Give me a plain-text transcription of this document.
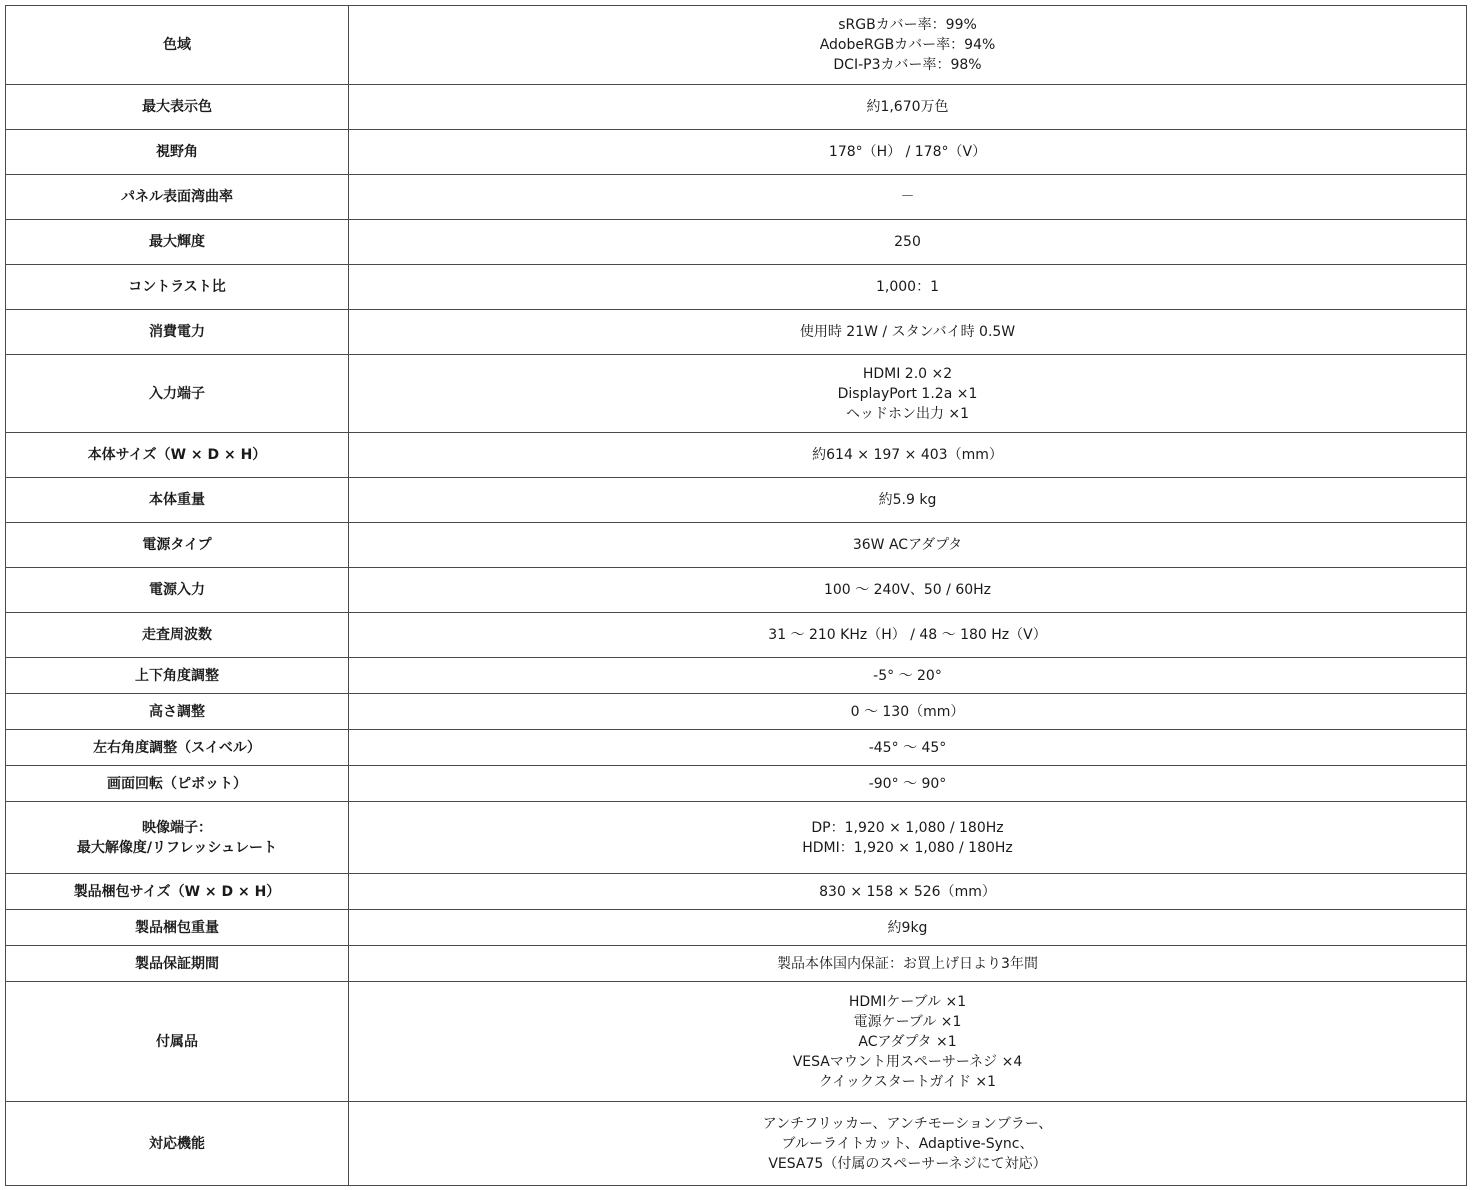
色域	sRGBカバー率：99%
AdobeRGBカバー率：94%
DCI-P3カバー率：98%

最大表示色	約1,670万色

視野角	178°（H） / 178°（V）

パネル表面湾曲率	－

最大輝度	250

コントラスト比	1,000：1

消費電力	使用時 21W / スタンバイ時 0.5W

入力端子	HDMI 2.0 ×2
DisplayPort 1.2a ×1
ヘッドホン出力 ×1

本体サイズ（W × D × H）	約614 × 197 × 403（mm）

本体重量	約5.9 kg

電源タイプ	36W ACアダプタ

電源入力	100 ～ 240V、50 / 60Hz

走査周波数	31 ～ 210 KHz（H） / 48 ～ 180 Hz（V）

上下角度調整	-5° ～ 20°

高さ調整	0 ～ 130（mm）

左右角度調整（スイベル）	-45° ～ 45°

画面回転（ピボット）	-90° ～ 90°

映像端子：
最大解像度/リフレッシュレート	DP：1,920 × 1,080 / 180Hz
HDMI：1,920 × 1,080 / 180Hz

製品梱包サイズ（W × D × H）	830 × 158 × 526（mm）

製品梱包重量	約9kg

製品保証期間	製品本体国内保証：お買上げ日より3年間

付属品	HDMIケーブル ×1
電源ケーブル ×1
ACアダプタ ×1
VESAマウント用スペーサーネジ ×4
クイックスタートガイド ×1

対応機能	アンチフリッカー、アンチモーションブラー、
ブルーライトカット、Adaptive-Sync、
VESA75（付属のスペーサーネジにて対応）
